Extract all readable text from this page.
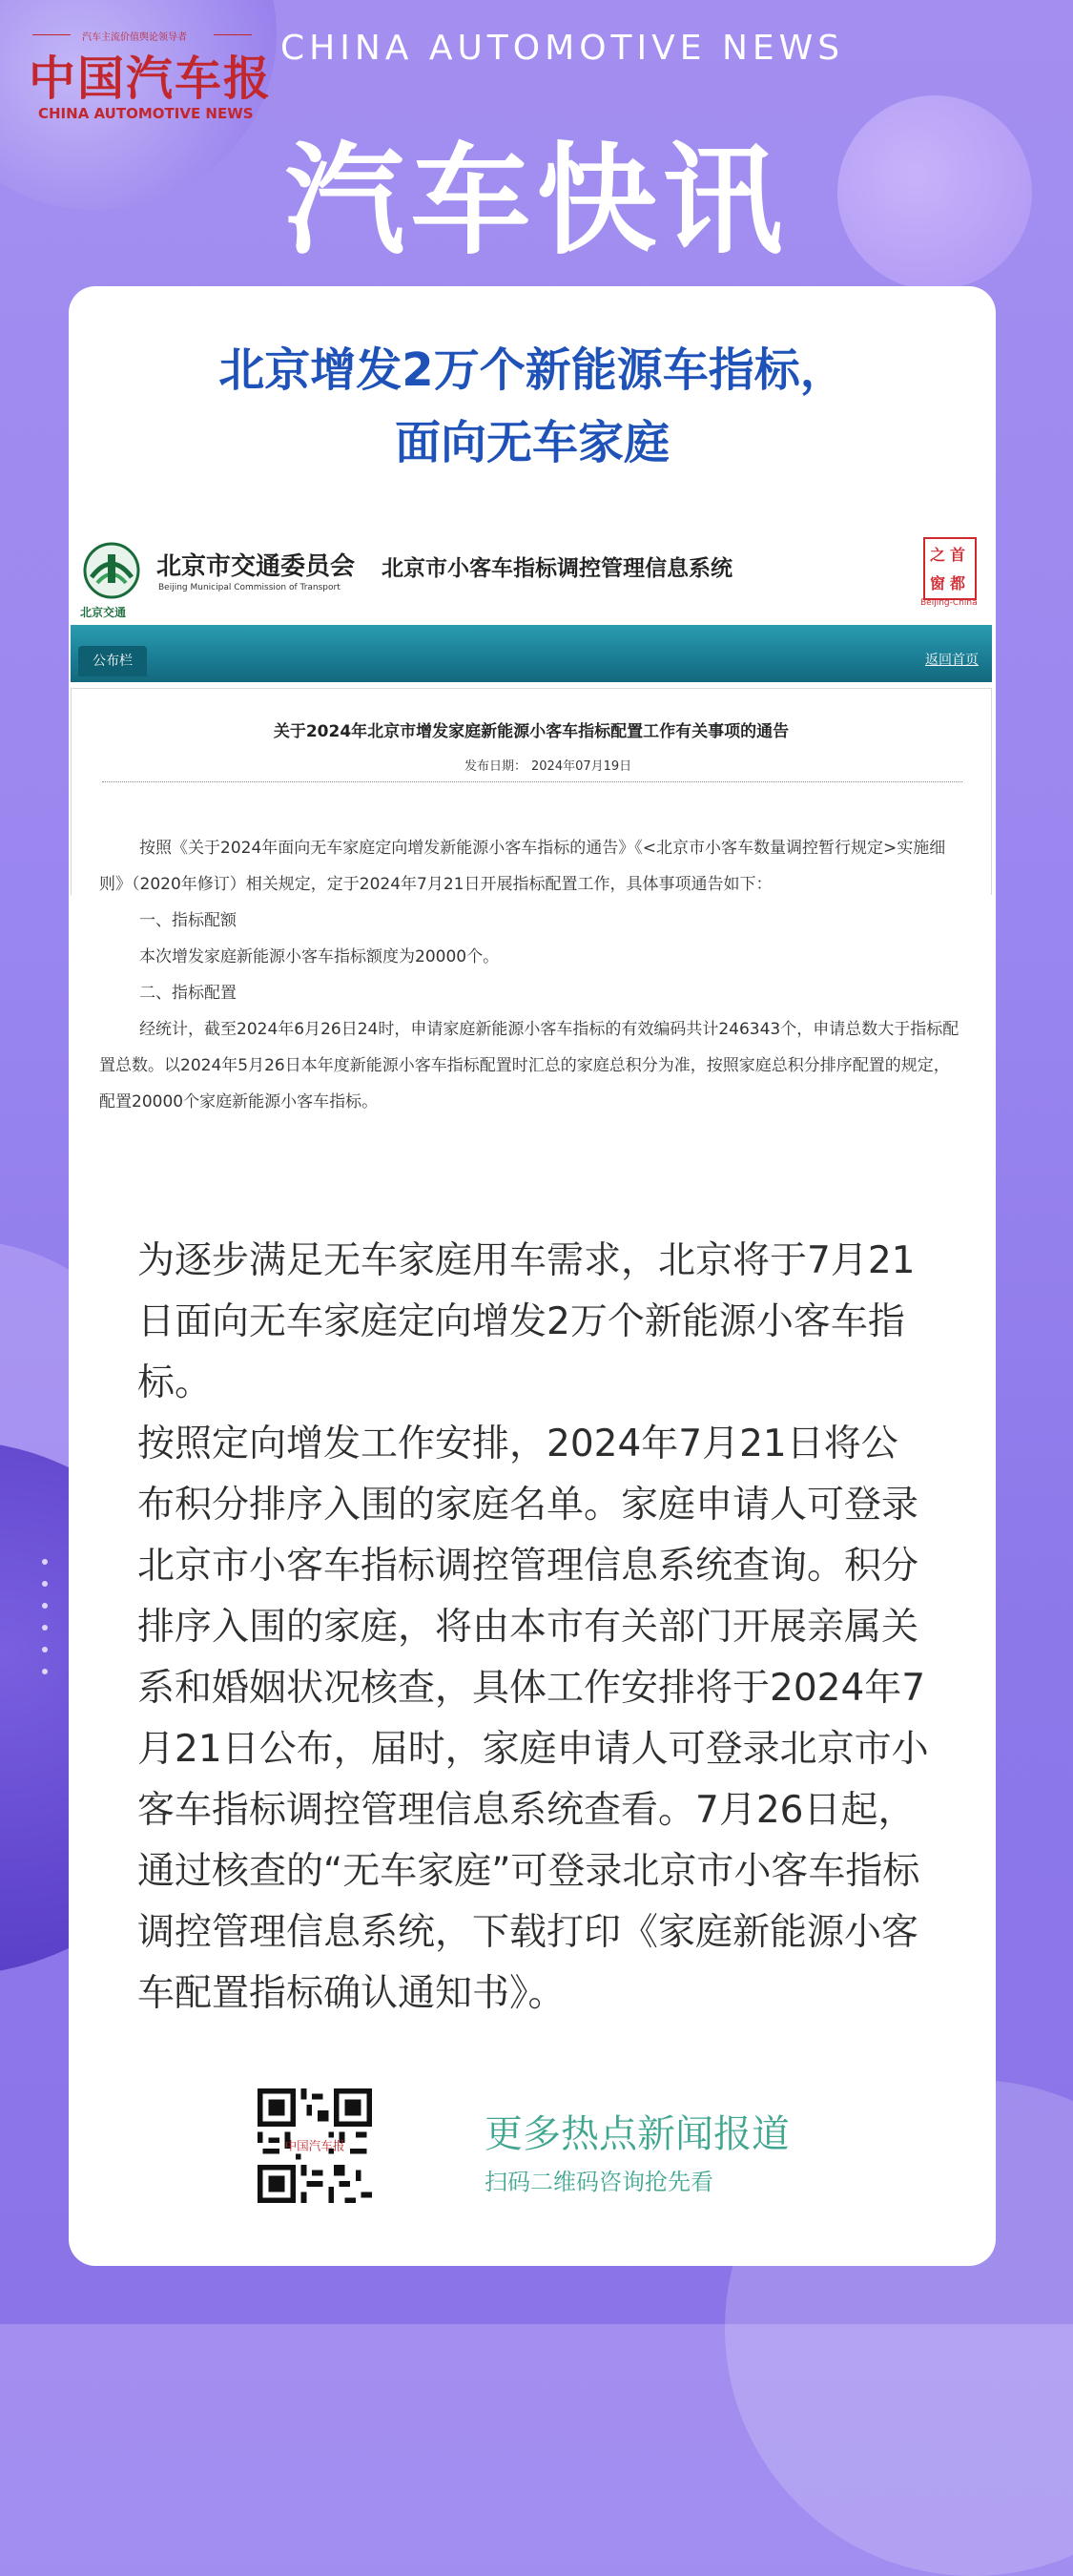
汽车主流价值舆论领导者
中国汽车报
CHINA AUTOMOTIVE NEWS
CHINA AUTOMOTIVE NEWS
汽车快讯
北京增发2万个新能源车指标，
面向无车家庭
北京交通
北京市交通委员会
Beijing Municipal Commission of Transport
北京市小客车指标调控管理信息系统
首
都
之
窗
Beijing-China
公布栏	返回首页
关于2024年北京市增发家庭新能源小客车指标配置工作有关事项的通告
发布日期： 2024年07月19日

按照《关于2024年面向无车家庭定向增发新能源小客车指标的通告》《<北京市小客车数量调控暂行规定>实施细则》（2020年修订）相关规定，定于2024年7月21日开展指标配置工作，具体事项通告如下：

一、指标配额

本次增发家庭新能源小客车指标额度为20000个。

二、指标配置

经统计，截至2024年6月26日24时，申请家庭新能源小客车指标的有效编码共计246343个，申请总数大于指标配置总数。以2024年5月26日本年度新能源小客车指标配置时汇总的家庭总积分为准，按照家庭总积分排序配置的规定，配置20000个家庭新能源小客车指标。

为逐步满足无车家庭用车需求，北京将于7月21日面向无车家庭定向增发2万个新能源小客车指标。

按照定向增发工作安排，2024年7月21日将公布积分排序入围的家庭名单。家庭申请人可登录北京市小客车指标调控管理信息系统查询。积分排序入围的家庭，将由本市有关部门开展亲属关系和婚姻状况核查，具体工作安排将于2024年7月21日公布，届时，家庭申请人可登录北京市小客车指标调控管理信息系统查看。7月26日起，通过核查的“无车家庭”可登录北京市小客车指标调控管理信息系统，下载打印《家庭新能源小客车配置指标确认通知书》。

中国汽车报	更多热点新闻报道
扫码二维码咨询抢先看
